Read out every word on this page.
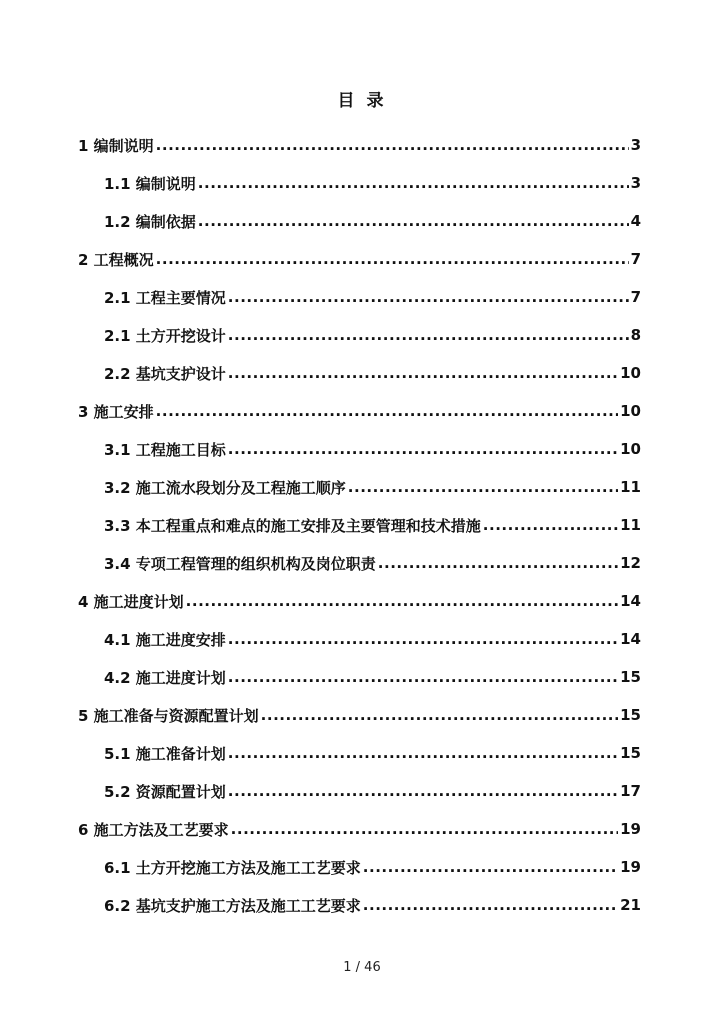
目 录
1 编制说明 .....	3
1.1 编制说明 .....	3
1.2 编制依据 .....	4
2 工程概况 .....	7
2.1 工程主要情况 .....	7
2.1 土方开挖设计 .....	8
2.2 基坑支护设计 .....	10
3 施工安排 .....	10
3.1 工程施工目标 .....	10
3.2 施工流水段划分及工程施工顺序 .....	11
3.3 本工程重点和难点的施工安排及主要管理和技术措施 .....	11
3.4 专项工程管理的组织机构及岗位职责 .....	12
4 施工进度计划 .....	14
4.1 施工进度安排 .....	14
4.2 施工进度计划 .....	15
5 施工准备与资源配置计划 .....	15
5.1 施工准备计划 .....	15
5.2 资源配置计划 .....	17
6 施工方法及工艺要求 .....	19
6.1 土方开挖施工方法及施工工艺要求 .....	19
6.2 基坑支护施工方法及施工工艺要求 .....	21
1 / 46
